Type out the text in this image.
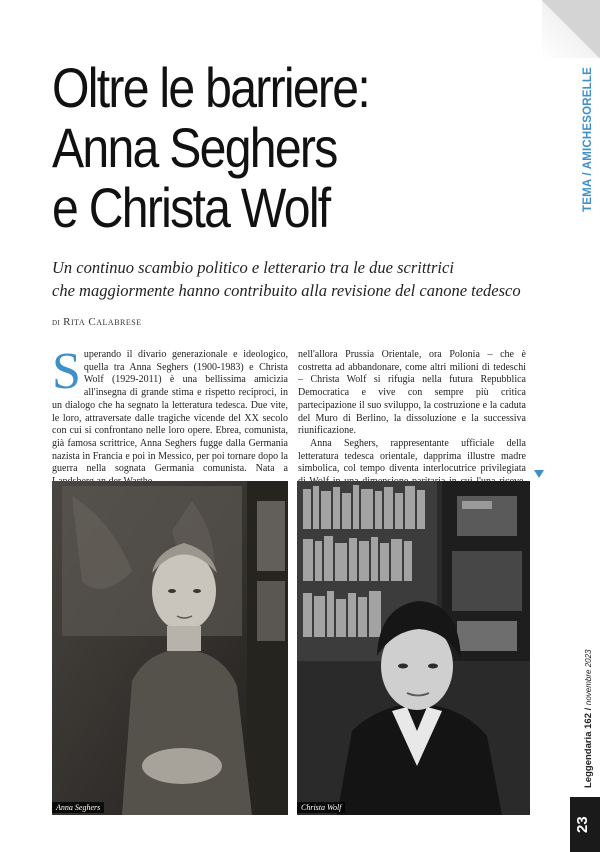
Oltre le barriere:
Anna Seghers
e Christa Wolf
Un continuo scambio politico e letterario tra le due scrittrici
che maggiormente hanno contribuito alla revisione del canone tedesco
di Rita Calabrese

Superando il divario generazionale e ideologico, quella tra Anna Seghers (1900-1983) e Christa Wolf (1929-2011) è una bellissima amicizia all'insegna di grande stima e rispetto reciproci, in un dialogo che ha segnato la letteratura tedesca. Due vite, le loro, attraversate dalle tragiche vicende del XX secolo con cui si confrontano nelle loro opere. Ebrea, comunista, già famosa scrittrice, Anna Seghers fugge dalla Germania nazista in Francia e poi in Messico, per poi tornare dopo la guerra nella sognata Germania comunista. Nata a

nell'allora Prussia Orientale, ora Polonia – che è costretta ad abbandonare, come altri milioni di tedeschi – Christa Wolf si rifugia nella futura Repubblica Democratica e vive con sempre più critica partecipazione il suo sviluppo, la costruzione e la caduta del Muro di Berlino, la dissoluzione e la successiva riunificazione.

Anna Seghers, rappresentante ufficiale della letteratura tedesca orientale, dapprima illustre madre simbolica, col tempo diventa interlocutrice privilegiata

Anna Seghers	Christa Wolf
TEMA / AMICHESORELLE
Leggendaria 162 / novembre 2023
23
